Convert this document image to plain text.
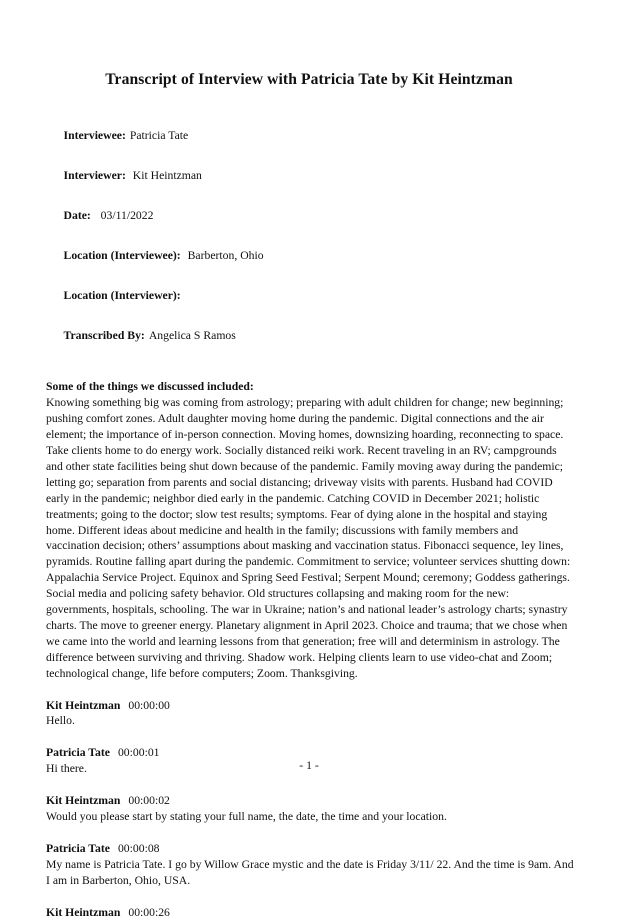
Transcript of Interview with Patricia Tate by Kit Heintzman

Interviewee: Patricia Tate

Interviewer: Kit Heintzman

Date:  03/11/2022

Location (Interviewee): Barberton, Ohio

Location (Interviewer):

Transcribed By: Angelica S Ramos

Some of the things we discussed included:

Knowing something big was coming from astrology; preparing with adult children for change; new beginning; pushing comfort zones. Adult daughter moving home during the pandemic. Digital connections and the air element; the importance of in-person connection. Moving homes, downsizing hoarding, reconnecting to space. Take clients home to do energy work. Socially distanced reiki work. Recent traveling in an RV; campgrounds and other state facilities being shut down because of the pandemic. Family moving away during the pandemic; letting go; separation from parents and social distancing; driveway visits with parents. Husband had COVID early in the pandemic; neighbor died early in the pandemic. Catching COVID in December 2021; holistic treatments; going to the doctor; slow test results; symptoms. Fear of dying alone in the hospital and staying home. Different ideas about medicine and health in the family; discussions with family members and vaccination decision; others’ assumptions about masking and vaccination status. Fibonacci sequence, ley lines, pyramids. Routine falling apart during the pandemic. Commitment to service; volunteer services shutting down: Appalachia Service Project. Equinox and Spring Seed Festival; Serpent Mound; ceremony; Goddess gatherings. Social media and policing safety behavior. Old structures collapsing and making room for the new: governments, hospitals, schooling. The war in Ukraine; nation’s and national leader’s astrology charts; synastry charts. The move to greener energy. Planetary alignment in April 2023. Choice and trauma; that we chose when we came into the world and learning lessons from that generation; free will and determinism in astrology. The difference between surviving and thriving. Shadow work. Helping clients learn to use video-chat and Zoom; technological change, life before computers; Zoom. Thanksgiving.

Kit Heintzman 00:00:00

Hello.

Patricia Tate 00:00:01

Hi there.

Kit Heintzman 00:00:02

Would you please start by stating your full name, the date, the time and your location.

Patricia Tate 00:00:08

My name is Patricia Tate. I go by Willow Grace mystic and the date is Friday 3/11/ 22. And the time is 9am. And I am in Barberton, Ohio, USA.

Kit Heintzman 00:00:26

- 1 -
